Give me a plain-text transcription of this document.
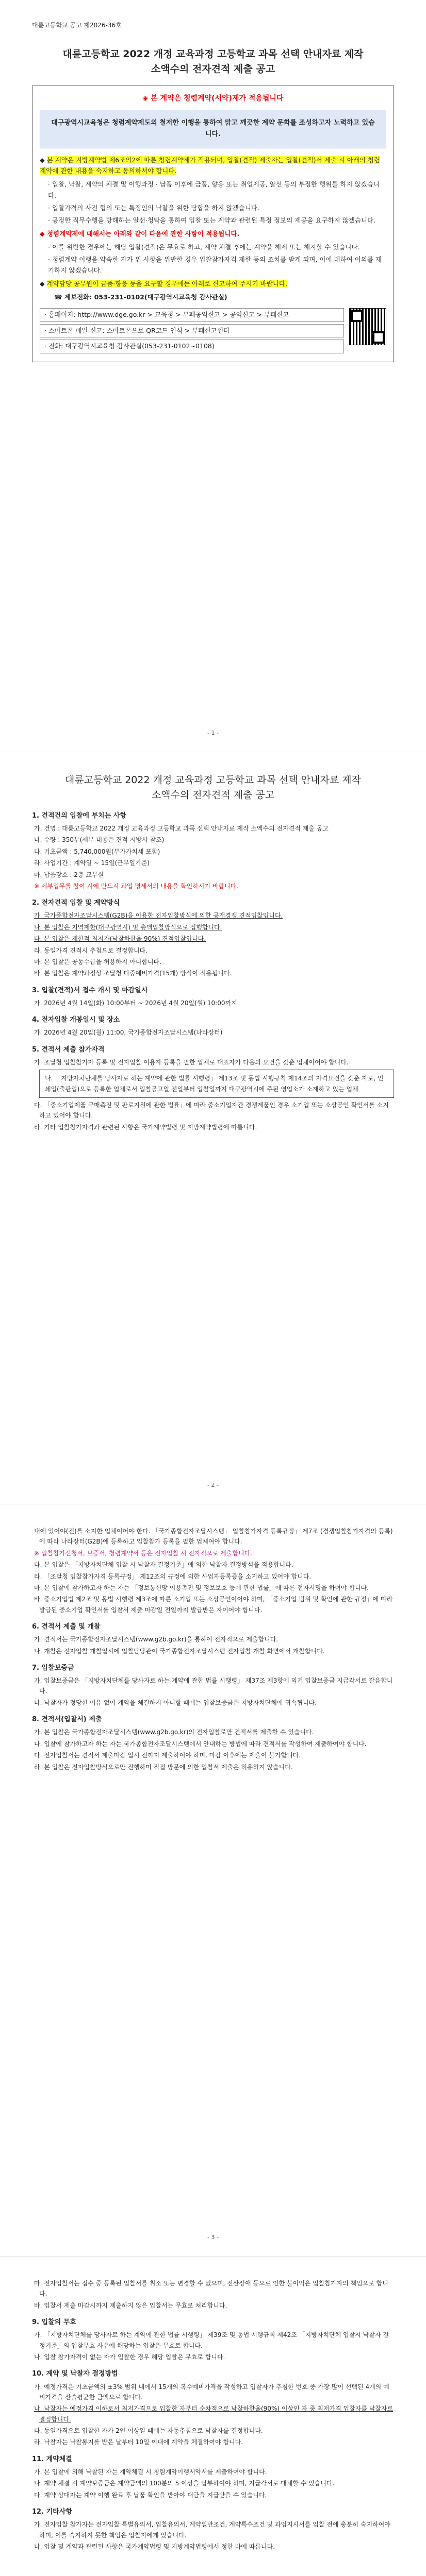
대륜고등학교 공고 제2026-36호
대륜고등학교 2022 개정 교육과정 고등학교 과목 선택 안내자료 제작
소액수의 전자견적 제출 공고
◈ 본 계약은 청렴계약(서약)제가 적용됩니다
대구광역시교육청은 청렴계약제도의 철저한 이행을 통하여 맑고 깨끗한 계약 문화를 조성하고자 노력하고 있습니다.
◆ 본 계약은 지방계약법 제6조의2에 따른 청렴계약제가 적용되며, 입찰(견적) 제출자는 입찰(견적)서 제출 시 아래의 청렴계약에 관한 내용을 숙지하고 동의하셔야 합니다.
· 입찰, 낙찰, 계약의 체결 및 이행과정 · 납품 이후에 금품, 향응 또는 취업제공, 알선 등의 부정한 행위를 하지 않겠습니다.
· 입찰가격의 사전 협의 또는 특정인의 낙찰을 위한 담합을 하지 않겠습니다.
· 공정한 직무수행을 방해하는 알선·청탁을 통하여 입찰 또는 계약과 관련된 특정 정보의 제공을 요구하지 않겠습니다.
◆ 청렴계약제에 대해서는 아래와 같이 다음에 관한 사항이 적용됩니다.
· 이를 위반한 경우에는 해당 입찰(견적)은 무효로 하고, 계약 체결 후에는 계약을 해제 또는 해지할 수 있습니다.
· 청렴계약 이행을 약속한 자가 위 사항을 위반한 경우 입찰참가자격 제한 등의 조치를 받게 되며, 이에 대하여 이의를 제기하지 않겠습니다.
◆ 계약담당 공무원이 금품·향응 등을 요구할 경우에는 아래로 신고하여 주시기 바랍니다.
☎ 제보전화: 053-231-0102(대구광역시교육청 감사관실)
· 홈페이지: http://www.dge.go.kr > 교육청 > 부패공익신고 > 공익신고 > 부패신고
· 스마트폰 메일 신고: 스마트폰으로 QR코드 인식 > 부패신고센터
· 전화: 대구광역시교육청 감사관실(053-231-0102~0108)
- 1 -
대륜고등학교 2022 개정 교육과정 고등학교 과목 선택 안내자료 제작
소액수의 전자견적 제출 공고
1. 견적건의 입찰에 부치는 사항
가. 건명 : 대륜고등학교 2022 개정 교육과정 고등학교 과목 선택 안내자료 제작 소액수의 전자견적 제출 공고
나. 수량 : 350부(세부 내용은 견적 시방서 참조)
다. 기초금액 : 5,740,000원(부가가치세 포함)
라. 사업기간 : 계약일 ~ 15일(근무일기준)
마. 납품장소 : 2층 교무실
※ 세부업무를 참여 시에 반드시 과업 명세서의 내용을 확인하시기 바랍니다.
2. 전자견적 입찰 및 계약방식
가. 국가종합전자조달시스템(G2B)을 이용한 전자입찰방식에 의한 공개경쟁 견적입찰입니다.
나. 본 입찰은 지역제한(대구광역시) 및 총액입찰방식으로 집행합니다.
다. 본 입찰은 제한적 최저가(낙찰하한율 90%) 견적입찰입니다.
라. 동일가격 견적시 추첨으로 결정합니다.
마. 본 입찰은 공동수급을 허용하지 아니합니다.
바. 본 입찰은 계약과정상 조달청 다중예비가격(15개) 방식이 적용됩니다.
3. 입찰(견적)서 접수 개시 및 마감일시
가. 2026년 4월 14일(화) 10:00부터 ~ 2026년 4월 20일(월) 10:00까지
4. 전자입찰 개봉일시 및 장소
가. 2026년 4월 20일(월) 11:00, 국가종합전자조달시스템(나라장터)
5. 견적서 제출 참가자격
가. 조달청 입찰참가자 등록 및 전자입찰 이용자 등록을 필한 업체로 대표자가 다음의 요건을 갖춘 업체이어야 합니다.
나. 「지방자치단체를 당사자로 하는 계약에 관한 법률 시행령」 제13조 및 동법 시행규칙 제14조의 자격요건을 갖춘 자로, 인쇄업(출판업)으로 등록한 업체로서 입찰공고일 전일부터 입찰일까지 대구광역시에 주된 영업소가 소재하고 있는 업체
다. 「중소기업제품 구매촉진 및 판로지원에 관한 법률」에 따라 중소기업자간 경쟁제품인 경우 소기업 또는 소상공인 확인서를 소지하고 있어야 합니다.
라. 기타 입찰참가자격과 관련된 사항은 국가계약법령 및 지방계약법령에 따릅니다.
- 2 -
내에 있어야(전)를 소지한 업체이어야 한다. 「국가종합전자조달시스템」 입찰참가자격 등록규정」 제7조 (경쟁입찰참가자격의 등록)에 따라 나라장터(G2B)에 등록하고 입찰참가 등록을 필한 업체여야 합니다.
※ 입찰참가신청서, 보증서, 청렴계약서 등은 전자입찰 시 전자적으로 제출합니다.
다. 본 입찰은 「지방자치단체 입찰 시 낙찰자 결정기준」에 의한 낙찰자 결정방식을 적용합니다.
라. 「조달청 입찰참가자격 등록규정」 제12조의 규정에 의한 사업자등록증을 소지하고 있어야 합니다.
마. 본 입찰에 참가하고자 하는 자는 「정보통신망 이용촉진 및 정보보호 등에 관한 법률」에 따른 전자서명을 하여야 합니다.
바. 중소기업법 제2조 및 동법 시행령 제3조에 따른 소기업 또는 소상공인이어야 하며, 「중소기업 범위 및 확인에 관한 규정」에 따라 발급된 중소기업 확인서를 입찰서 제출 마감일 전일까지 발급받은 자이어야 합니다.
6. 견적서 제출 및 개찰
가. 견적서는 국가종합전자조달시스템(www.g2b.go.kr)을 통하여 전자적으로 제출합니다.
나. 개찰은 전자입찰 개찰일시에 입찰담당관이 국가종합전자조달시스템 전자입찰 개찰 화면에서 개찰합니다.
7. 입찰보증금
가. 입찰보증금은 「지방자치단체를 당사자로 하는 계약에 관한 법률 시행령」 제37조 제3항에 의거 입찰보증금 지급각서로 갈음합니다.
나. 낙찰자가 정당한 이유 없이 계약을 체결하지 아니할 때에는 입찰보증금은 지방자치단체에 귀속됩니다.
8. 견적서(입찰서) 제출
가. 본 입찰은 국가종합전자조달시스템(www.g2b.go.kr)의 전자입찰로만 견적서를 제출할 수 있습니다.
나. 입찰에 참가하고자 하는 자는 국가종합전자조달시스템에서 안내하는 방법에 따라 견적서를 작성하여 제출하여야 합니다.
다. 전자입찰서는 견적서 제출마감 일시 전까지 제출하여야 하며, 마감 이후에는 제출이 불가합니다.
라. 본 입찰은 전자입찰방식으로만 진행하며 직접 방문에 의한 입찰서 제출은 허용하지 않습니다.
- 3 -
마. 전자입찰서는 접수 중 등록된 입찰서를 취소 또는 변경할 수 없으며, 전산장애 등으로 인한 불이익은 입찰참가자의 책임으로 합니다.
바. 입찰서 제출 마감시까지 제출하지 않은 입찰서는 무효로 처리합니다.
9. 입찰의 무효
가. 「지방자치단체를 당사자로 하는 계약에 관한 법률 시행령」 제39조 및 동법 시행규칙 제42조 「지방자치단체 입찰시 낙찰자 결정기준」의 입찰무효 사유에 해당하는 입찰은 무효로 합니다.
나. 입찰 참가자격이 없는 자가 입찰한 경우 해당 입찰은 무효로 합니다.
10. 계약 및 낙찰자 결정방법
가. 예정가격은 기초금액의 ±3% 범위 내에서 15개의 복수예비가격을 작성하고 입찰자가 추첨한 번호 중 가장 많이 선택된 4개의 예비가격을 산술평균한 금액으로 합니다.
나. 낙찰자는 예정가격 이하로서 최저가격으로 입찰한 자부터 순차적으로 낙찰하한율(90%) 이상인 자 중 최저가격 입찰자를 낙찰자로 결정합니다.
다. 동일가격으로 입찰한 자가 2인 이상일 때에는 자동추첨으로 낙찰자를 결정합니다.
라. 낙찰자는 낙찰통지를 받은 날부터 10일 이내에 계약을 체결하여야 합니다.
11. 계약체결
가. 본 입찰에 의해 낙찰된 자는 계약체결 시 청렴계약이행서약서를 제출하여야 합니다.
나. 계약 체결 시 계약보증금은 계약금액의 100분의 5 이상을 납부하여야 하며, 지급각서로 대체할 수 있습니다.
다. 계약 상대자는 계약 이행 완료 후 납품 확인을 받아야 대금을 지급받을 수 있습니다.
12. 기타사항
가. 전자입찰 참가자는 전자입찰 특별유의서, 입찰유의서, 계약일반조건, 계약특수조건 및 과업지시서를 입찰 전에 충분히 숙지하여야 하며, 이를 숙지하지 못한 책임은 입찰자에게 있습니다.
나. 입찰 및 계약과 관련된 사항은 국가계약법령 및 지방계약법령에서 정한 바에 따릅니다.
